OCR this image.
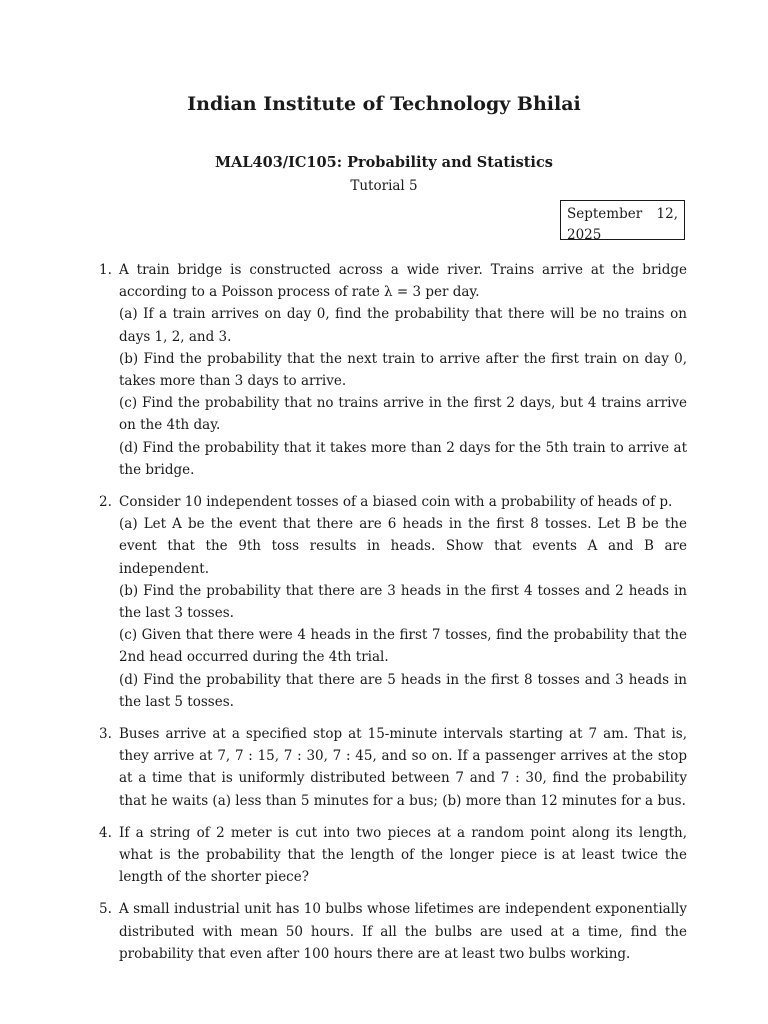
Indian Institute of Technology Bhilai
MAL403/IC105: Probability and Statistics
Tutorial 5
September 12,
2025
1. A train bridge is constructed across a wide river. Trains arrive at the bridge according to a Poisson process of rate λ = 3 per day.

(a) If a train arrives on day 0, find the probability that there will be no trains on days 1, 2, and 3.

(b) Find the probability that the next train to arrive after the first train on day 0, takes more than 3 days to arrive.

(c) Find the probability that no trains arrive in the first 2 days, but 4 trains arrive on the 4th day.

(d) Find the probability that it takes more than 2 days for the 5th train to arrive at the bridge.

2. Consider 10 independent tosses of a biased coin with a probability of heads of p.

(a) Let A be the event that there are 6 heads in the first 8 tosses. Let B be the event that the 9th toss results in heads. Show that events A and B are independent.

(b) Find the probability that there are 3 heads in the first 4 tosses and 2 heads in the last 3 tosses.

(c) Given that there were 4 heads in the first 7 tosses, find the probability that the 2nd head occurred during the 4th trial.

(d) Find the probability that there are 5 heads in the first 8 tosses and 3 heads in the last 5 tosses.

3. Buses arrive at a specified stop at 15-minute intervals starting at 7 am. That is, they arrive at 7, 7 : 15, 7 : 30, 7 : 45, and so on. If a passenger arrives at the stop at a time that is uniformly distributed between 7 and 7 : 30, find the probability that he waits (a) less than 5 minutes for a bus; (b) more than 12 minutes for a bus.

4. If a string of 2 meter is cut into two pieces at a random point along its length, what is the probability that the length of the longer piece is at least twice the length of the shorter piece?

5. A small industrial unit has 10 bulbs whose lifetimes are independent exponentially distributed with mean 50 hours. If all the bulbs are used at a time, find the probability that even after 100 hours there are at least two bulbs working.
